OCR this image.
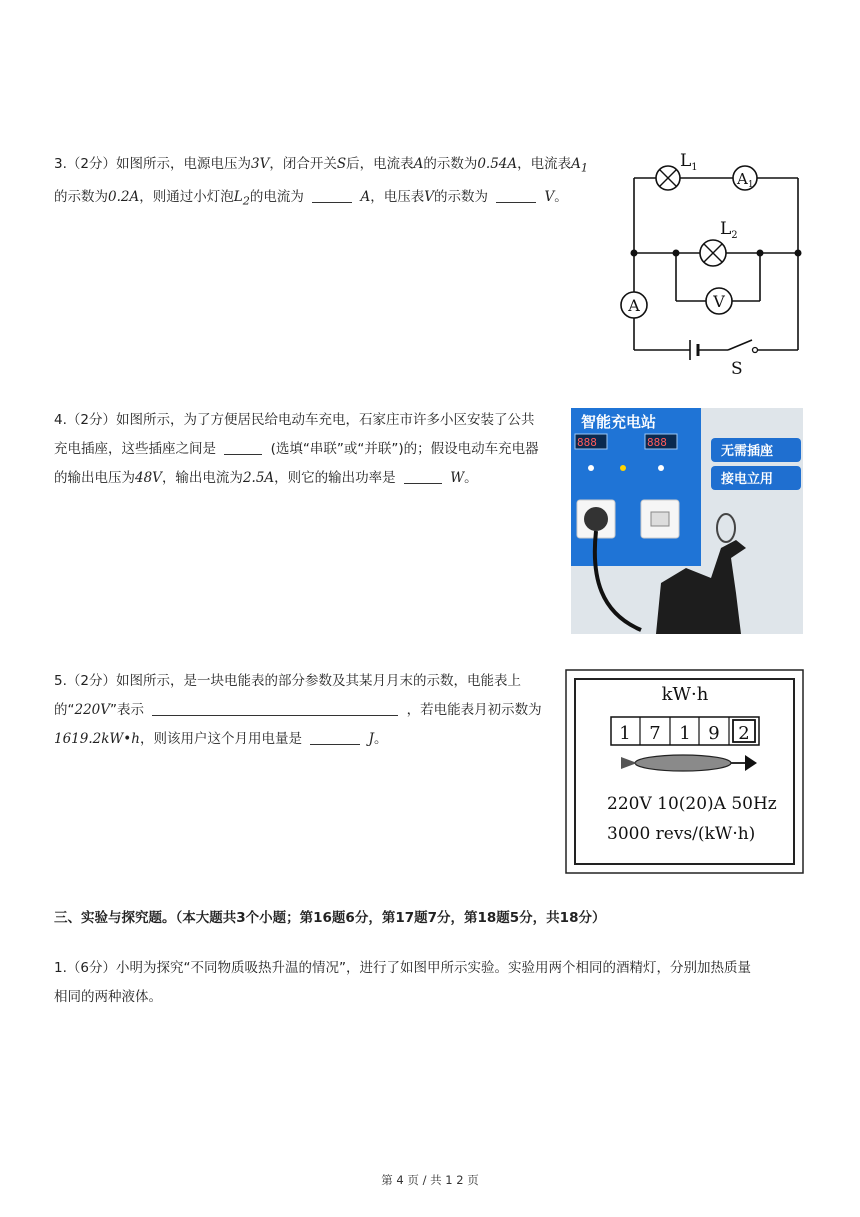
3.（2分）如图所示，电源电压为3V，闭合开关S后，电流表A的示数为0.54A，电流表$A_1$
的示数为0.2A，则通过小灯泡$L_2$的电流为	A，电压表V的示数为	V。
$L_1$
$A_1$
$L_2$
A	V
S
4.（2分）如图所示，为了方便居民给电动车充电，石家庄市许多小区安装了公共
充电插座，这些插座之间是	(选填“串联”或“并联”)的；假设电动车充电器
的输出电压为48V，输出电流为2.5A，则它的输出功率是	W。
智能充电站
888	888
无需插座
接电立用
5.（2分）如图所示，是一块电能表的部分参数及其某月月末的示数，电能表上
的“220V”表示	，若电能表月初示数为
1619.2kW•h，则该用户这个月用电量是	J。
kW·h
1 7 1 9 2
220V 10(20)A 50Hz
3000 revs/(kW·h)
三、实验与探究题。（本大题共3个小题；第16题6分，第17题7分，第18题5分，共18分）
1.（6分）小明为探究“不同物质吸热升温的情况”，进行了如图甲所示实验。实验用两个相同的酒精灯，分别加热质量
相同的两种液体。
第 4 页 / 共 1 2 页
